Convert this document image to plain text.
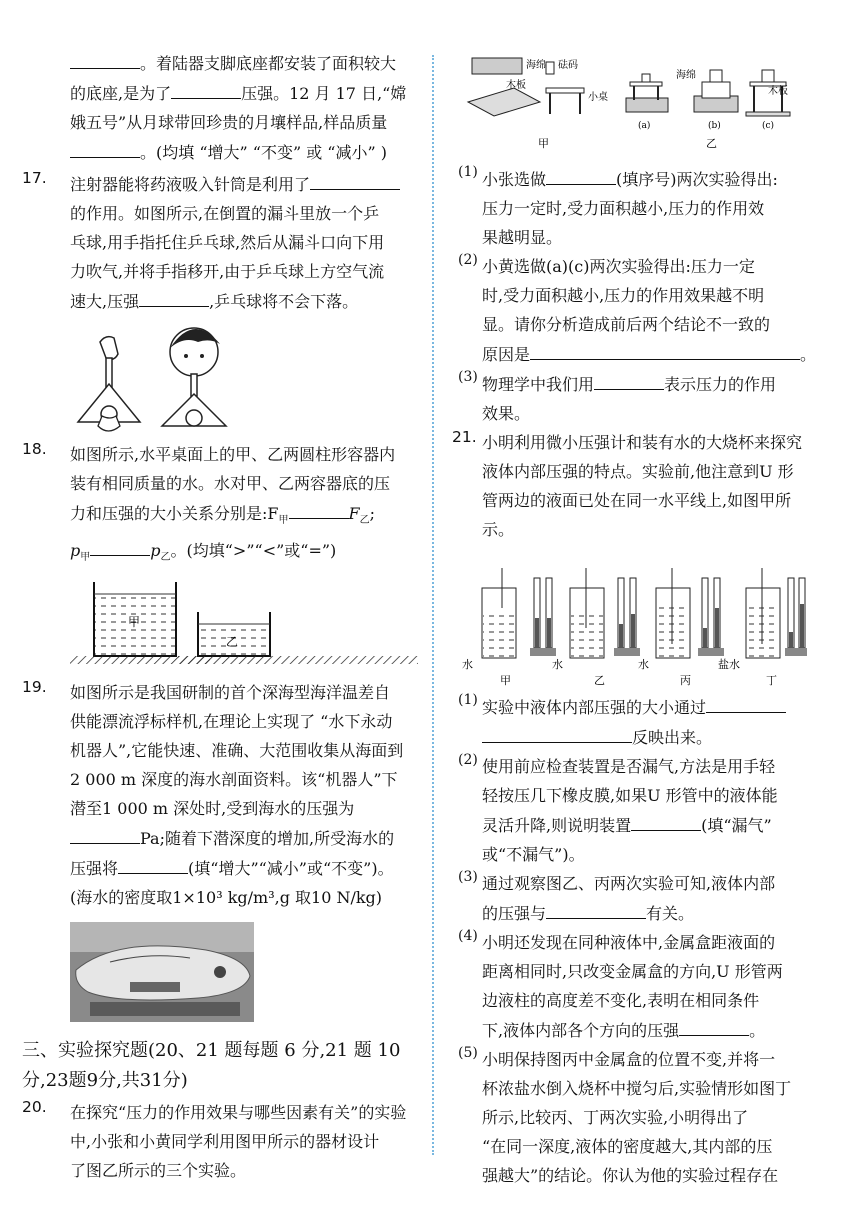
。着陆器支脚底座都安装了面积较大

的底座,是为了	压强。12 月 17 日,“嫦

娥五号”从月球带回珍贵的月壤样品,样品质量

。(均填 “增大” “不变” 或 “减小” )

17. 注射器能将药液吸入针筒是利用了

的作用。如图所示,在倒置的漏斗里放一个乒

乓球,用手指托住乒乓球,然后从漏斗口向下用

力吹气,并将手指移开,由于乒乓球上方空气流

速大,压强	,乒乓球将不会下落。

18. 如图所示,水平桌面上的甲、乙两圆柱形容器内

装有相同质量的水。水对甲、乙两容器底的压

力和压强的大小关系分别是$:F_甲$	$F_乙$;

$p_甲$	$p_乙$。(均填“>”“<”或“=”)

甲
乙
19. 如图所示是我国研制的首个深海型海洋温差自

供能漂流浮标样机,在理论上实现了 “水下永动

机器人”,它能快速、准确、大范围收集从海面到

2 000 m 深度的海水剖面资料。该“机器人”下

潜至1 000 m 深处时,受到海水的压强为

Pa;随着下潜深度的增加,所受海水的

压强将	(填“增大”“减小”或“不变”)。

(海水的密度取1×10³ kg/m³,g 取10 N/kg)

三、实验探究题(20、21 题每题 6 分,21 题 10分,23题9分,共31分)

20. 在探究“压力的作用效果与哪些因素有关”的实验

中,小张和小黄同学利用图甲所示的器材设计

了图乙所示的三个实验。

海绵 砝码
木板
小桌
甲
(a)
海绵
(b)
木板
(c)
乙
(1) 小张选做	(填序号)两次实验得出:

压力一定时,受力面积越小,压力的作用效

果越明显。

(2) 小黄选做(a)(c)两次实验得出:压力一定

时,受力面积越小,压力的作用效果越不明

显。请你分析造成前后两个结论不一致的

原因是	。

(3) 物理学中我们用	表示压力的作用

效果。

21. 小明利用微小压强计和装有水的大烧杯来探究

液体内部压强的特点。实验前,他注意到U 形

管两边的液面已处在同一水平线上,如图甲所

示。

水
甲
水
乙
水
丙
盐水
丁
(1) 实验中液体内部压强的大小通过

反映出来。

(2) 使用前应检查装置是否漏气,方法是用手轻

轻按压几下橡皮膜,如果U 形管中的液体能

灵活升降,则说明装置	(填“漏气”

或“不漏气”)。

(3) 通过观察图乙、丙两次实验可知,液体内部

的压强与	有关。

(4) 小明还发现在同种液体中,金属盒距液面的

距离相同时,只改变金属盒的方向,U 形管两

边液柱的高度差不变化,表明在相同条件

下,液体内部各个方向的压强	。

(5) 小明保持图丙中金属盒的位置不变,并将一

杯浓盐水倒入烧杯中搅匀后,实验情形如图丁

所示,比较丙、丁两次实验,小明得出了

“在同一深度,液体的密度越大,其内部的压

强越大”的结论。你认为他的实验过程存在
